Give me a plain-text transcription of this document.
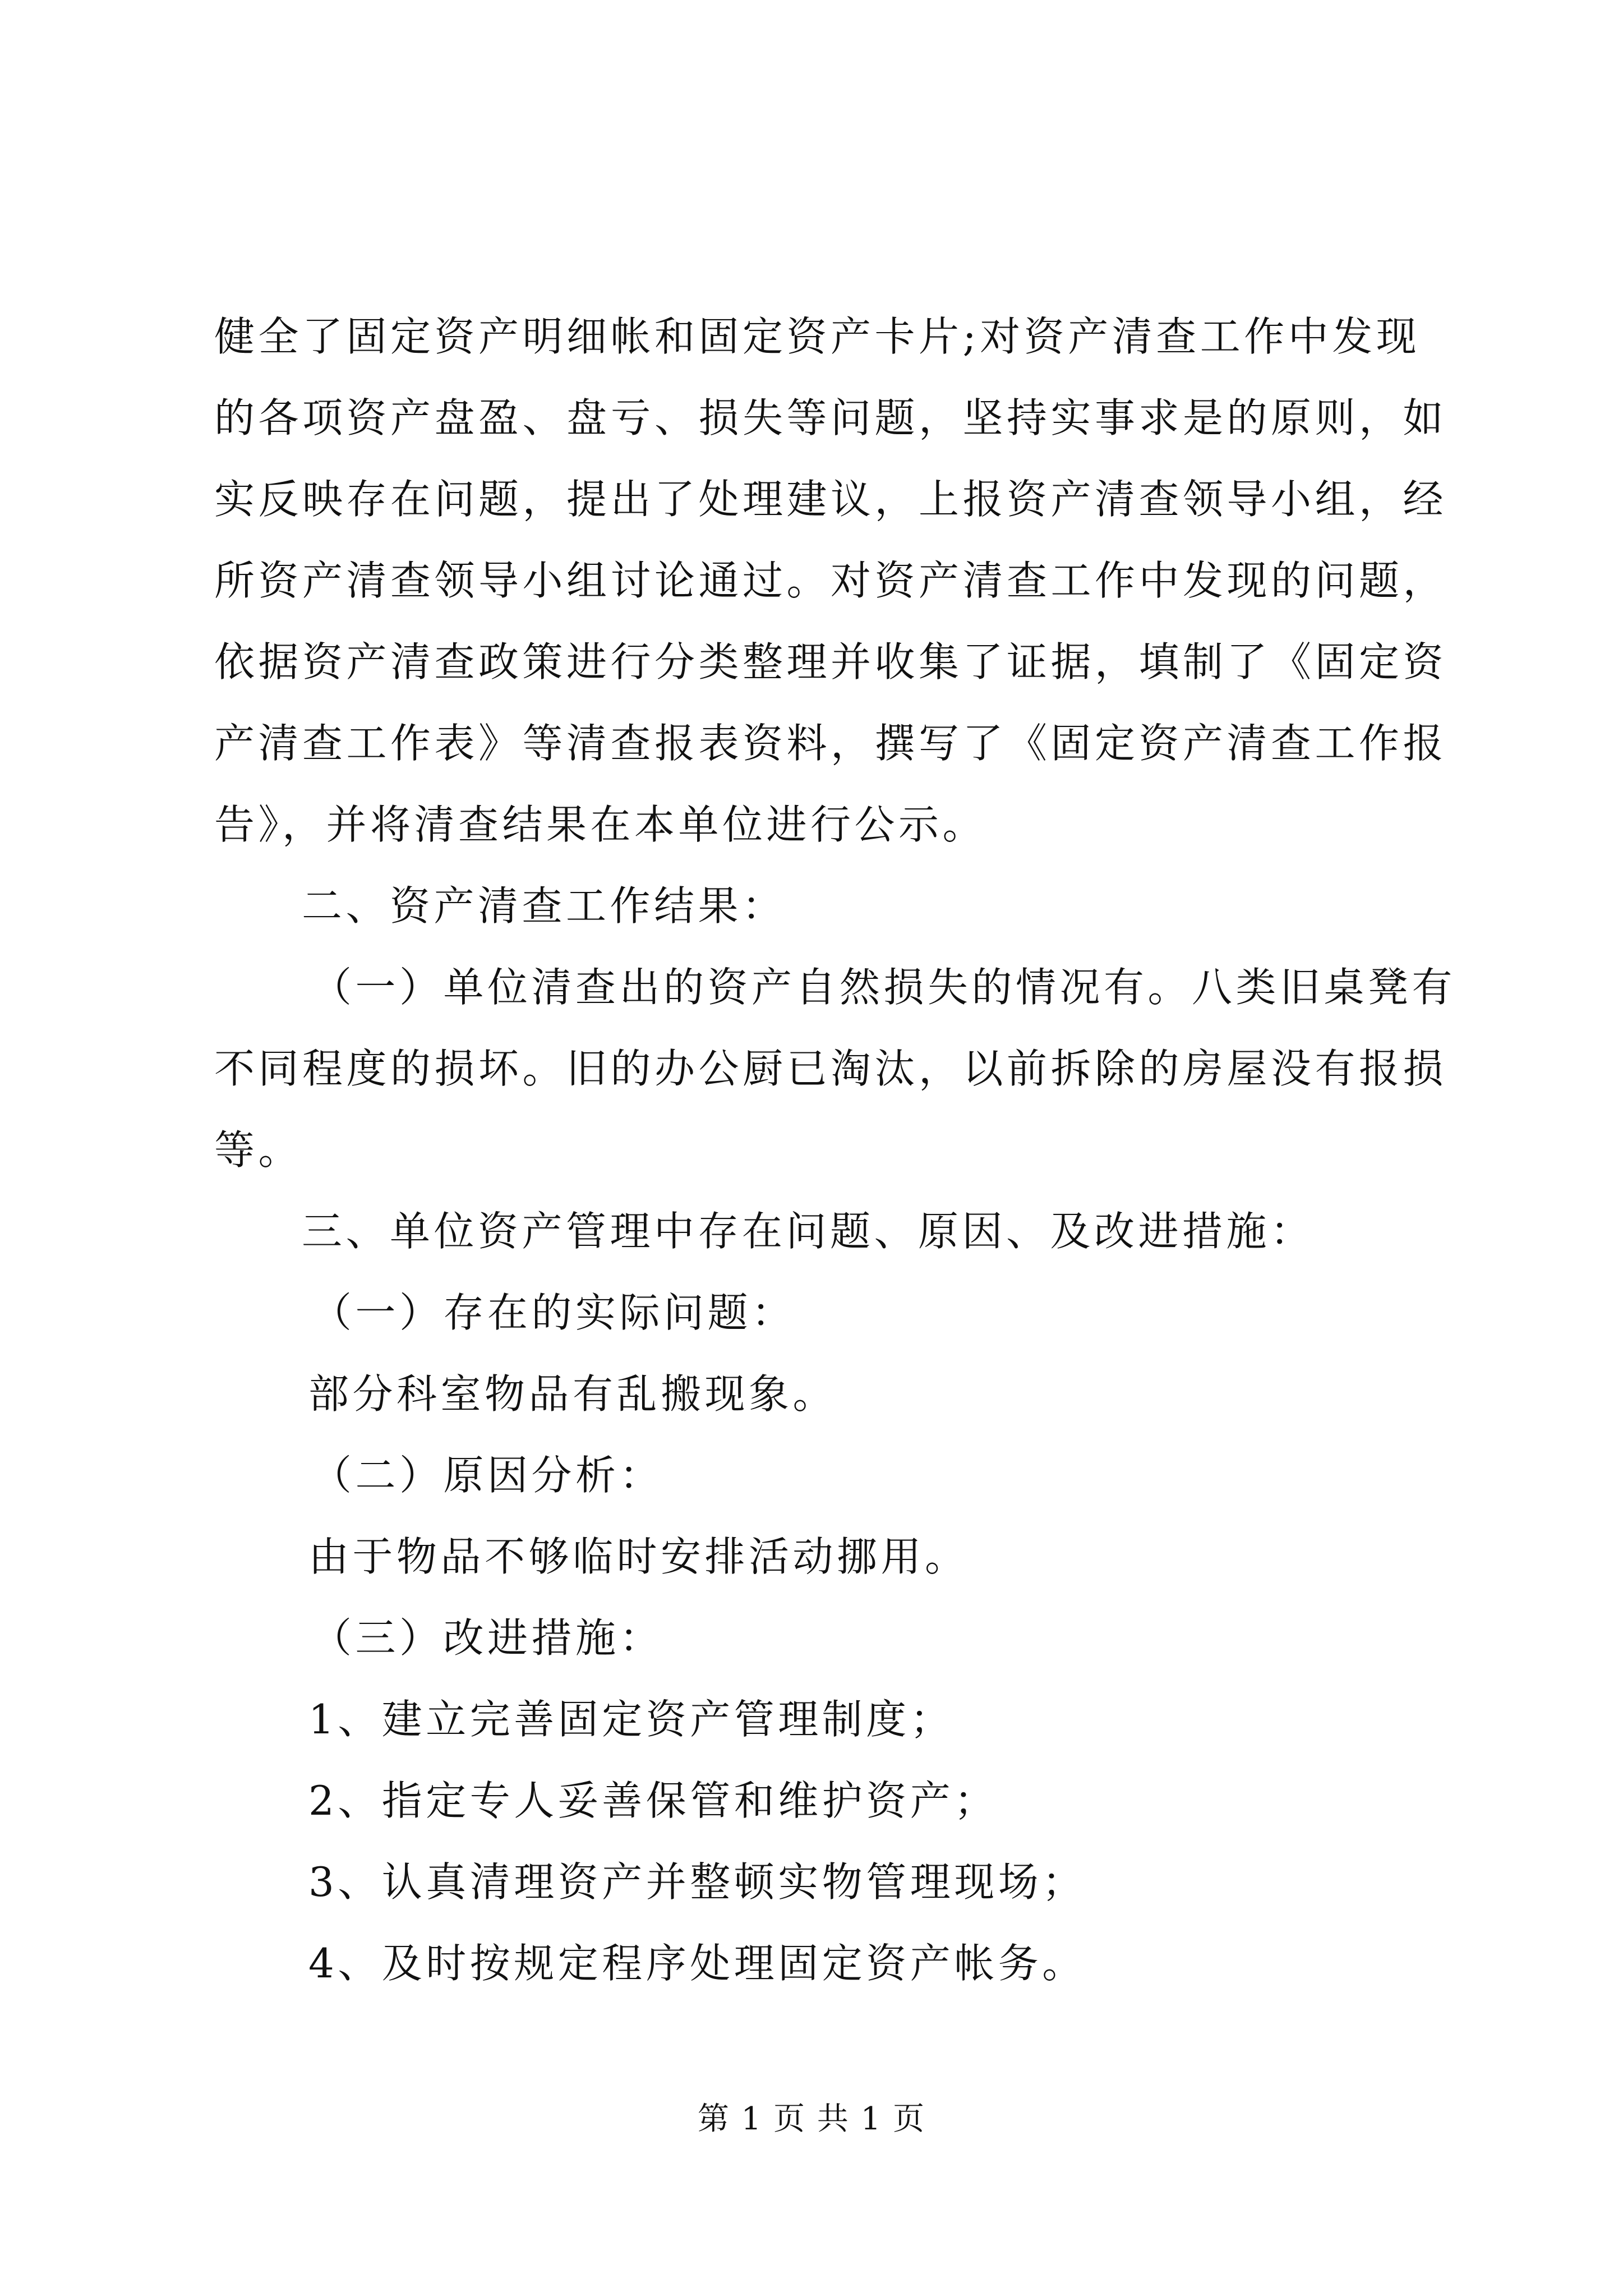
健全了固定资产明细帐和固定资产卡片;对资产清查工作中发现
的各项资产盘盈、盘亏、损失等问题，坚持实事求是的原则，如
实反映存在问题，提出了处理建议，上报资产清查领导小组，经
所资产清查领导小组讨论通过。对资产清查工作中发现的问题，
依据资产清查政策进行分类整理并收集了证据，填制了《固定资
产清查工作表》等清查报表资料，撰写了《固定资产清查工作报
告》，并将清查结果在本单位进行公示。
二、资产清查工作结果：
（一）单位清查出的资产自然损失的情况有。八类旧桌凳有
不同程度的损坏。旧的办公厨已淘汰，以前拆除的房屋没有报损
等。
三、单位资产管理中存在问题、原因、及改进措施：
（一）存在的实际问题：
部分科室物品有乱搬现象。
（二）原因分析：
由于物品不够临时安排活动挪用。
（三）改进措施：
1、建立完善固定资产管理制度；
2、指定专人妥善保管和维护资产；
3、认真清理资产并整顿实物管理现场；
4、及时按规定程序处理固定资产帐务。
第 1 页 共 1 页
